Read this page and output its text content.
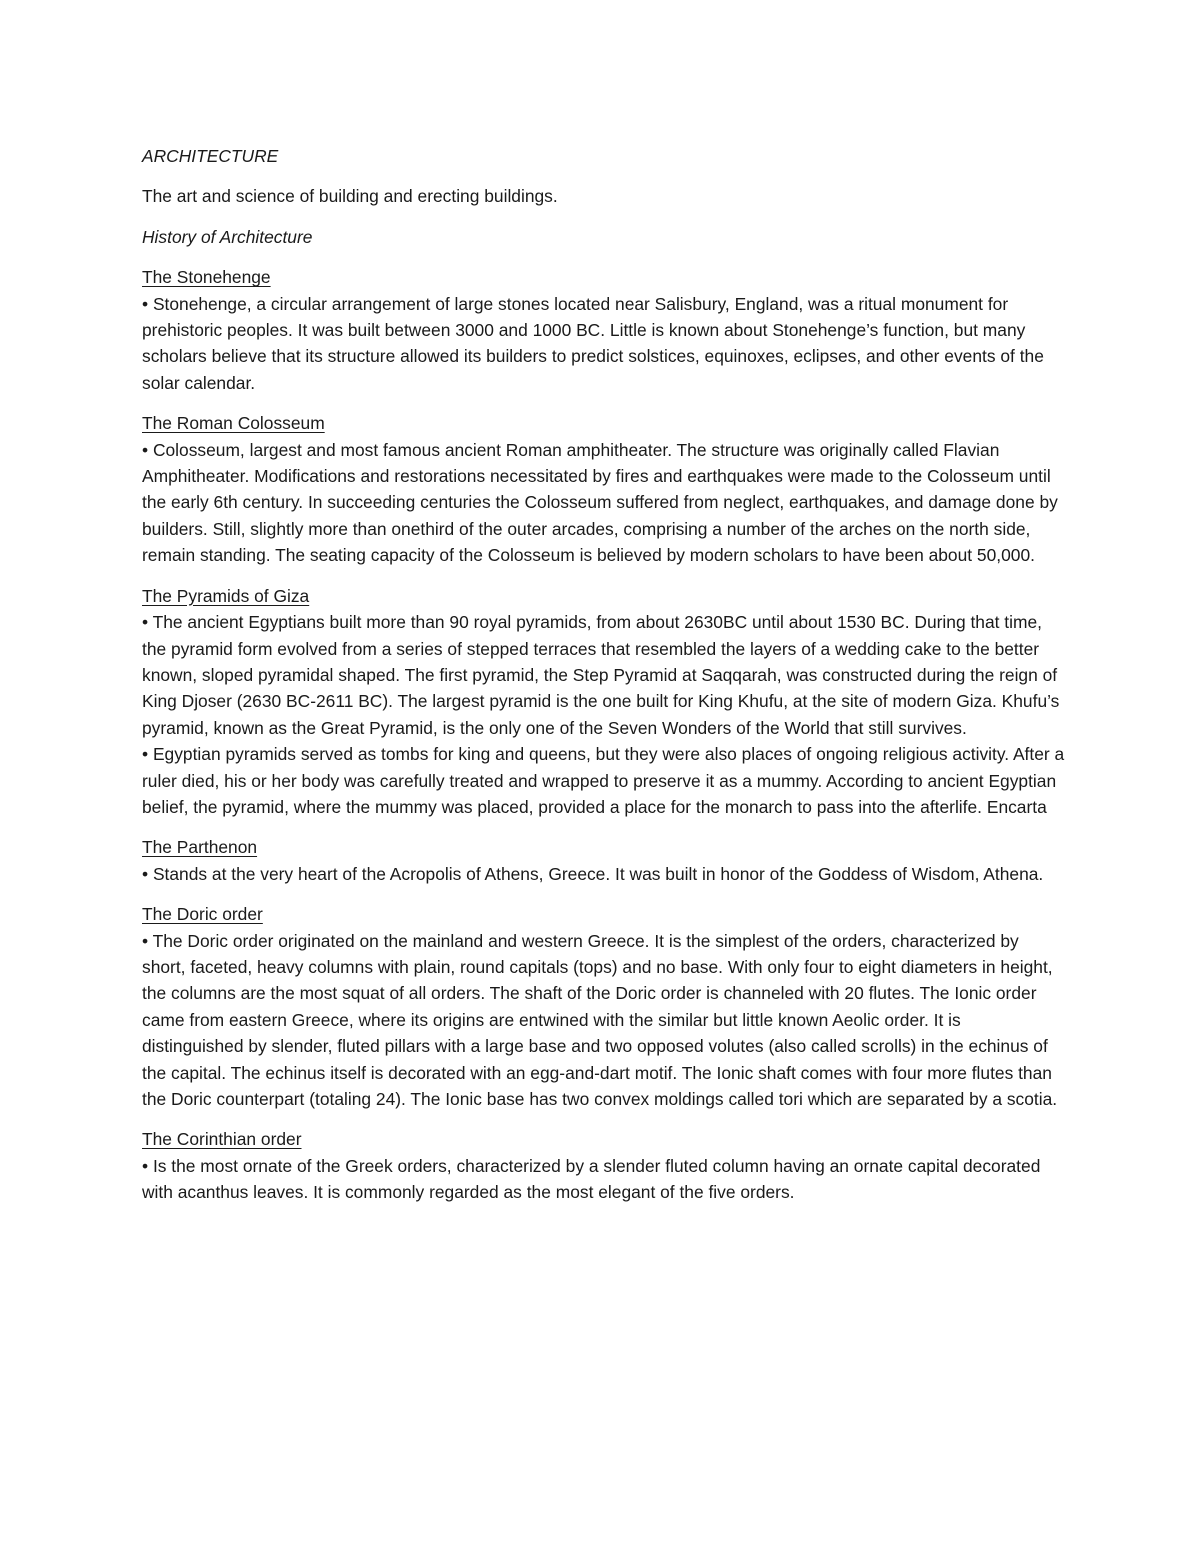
ARCHITECTURE

The art and science of building and erecting buildings.

History of Architecture

The Stonehenge

• Stonehenge, a circular arrangement of large stones located near Salisbury, England, was a ritual monument for prehistoric peoples. It was built between 3000 and 1000 BC. Little is known about Stonehenge’s function, but many scholars believe that its structure allowed its builders to predict solstices, equinoxes, eclipses, and other events of the solar calendar.

The Roman Colosseum

• Colosseum, largest and most famous ancient Roman amphitheater. The structure was originally called Flavian Amphitheater. Modifications and restorations necessitated by fires and earthquakes were made to the Colosseum until the early 6th century. In succeeding centuries the Colosseum suffered from neglect, earthquakes, and damage done by builders. Still, slightly more than onethird of the outer arcades, comprising a number of the arches on the north side, remain standing. The seating capacity of the Colosseum is believed by modern scholars to have been about 50,000.

The Pyramids of Giza

• The ancient Egyptians built more than 90 royal pyramids, from about 2630BC until about 1530 BC. During that time, the pyramid form evolved from a series of stepped terraces that resembled the layers of a wedding cake to the better known, sloped pyramidal shaped. The first pyramid, the Step Pyramid at Saqqarah, was constructed during the reign of King Djoser (2630 BC-2611 BC). The largest pyramid is the one built for King Khufu, at the site of modern Giza. Khufu’s pyramid, known as the Great Pyramid, is the only one of the Seven Wonders of the World that still survives.

• Egyptian pyramids served as tombs for king and queens, but they were also places of ongoing religious activity. After a ruler died, his or her body was carefully treated and wrapped to preserve it as a mummy. According to ancient Egyptian belief, the pyramid, where the mummy was placed, provided a place for the monarch to pass into the afterlife. Encarta

The Parthenon

• Stands at the very heart of the Acropolis of Athens, Greece. It was built in honor of the Goddess of Wisdom, Athena.

The Doric order

• The Doric order originated on the mainland and western Greece. It is the simplest of the orders, characterized by short, faceted, heavy columns with plain, round capitals (tops) and no base. With only four to eight diameters in height, the columns are the most squat of all orders. The shaft of the Doric order is channeled with 20 flutes. The Ionic order came from eastern Greece, where its origins are entwined with the similar but little known Aeolic order. It is distinguished by slender, fluted pillars with a large base and two opposed volutes (also called scrolls) in the echinus of the capital. The echinus itself is decorated with an egg-and-dart motif. The Ionic shaft comes with four more flutes than the Doric counterpart (totaling 24). The Ionic base has two convex moldings called tori which are separated by a scotia.

The Corinthian order

• Is the most ornate of the Greek orders, characterized by a slender fluted column having an ornate capital decorated with acanthus leaves. It is commonly regarded as the most elegant of the five orders.
